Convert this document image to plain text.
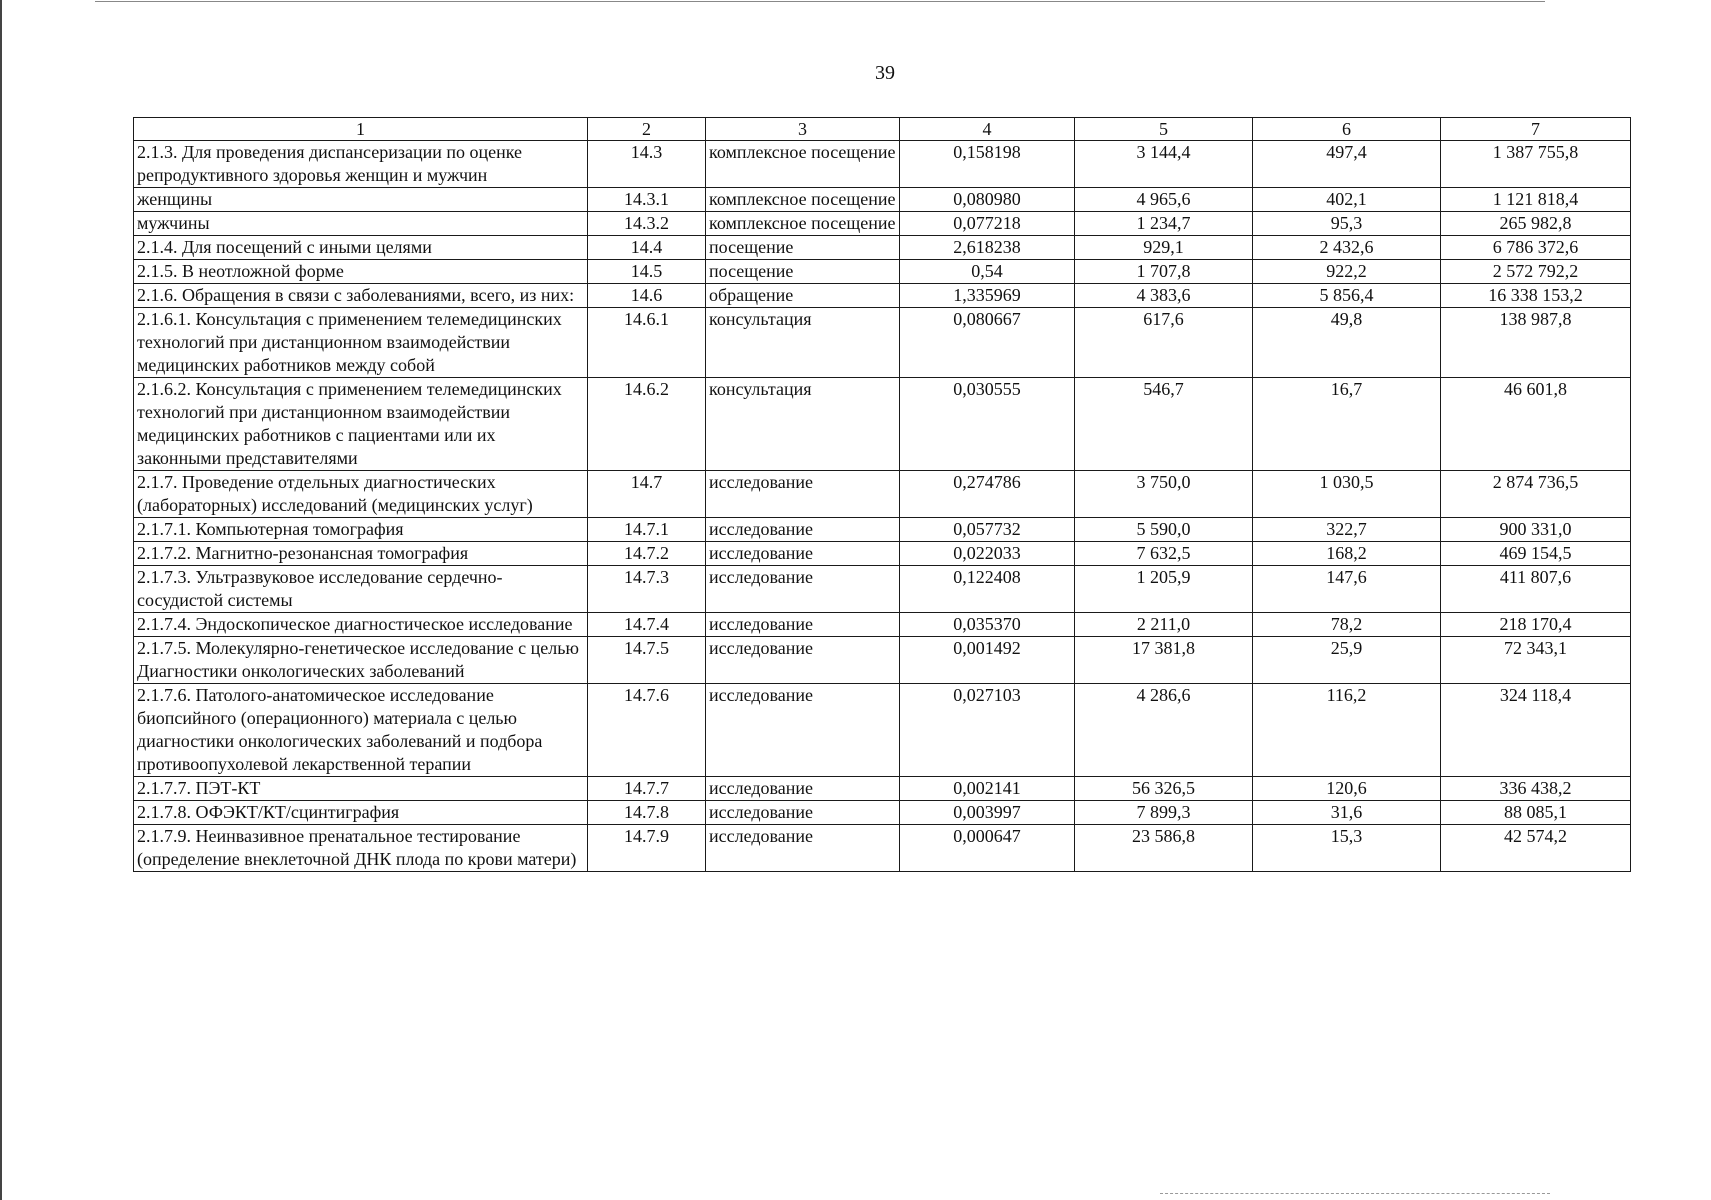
39
1	2	3	4	5	6	7
2.1.3. Для проведения диспансеризации по оценке репродуктивного здоровья женщин и мужчин	14.3	комплексное посещение	0,158198	3 144,4	497,4	1 387 755,8
женщины	14.3.1	комплексное посещение	0,080980	4 965,6	402,1	1 121 818,4
мужчины	14.3.2	комплексное посещение	0,077218	1 234,7	95,3	265 982,8
2.1.4. Для посещений с иными целями	14.4	посещение	2,618238	929,1	2 432,6	6 786 372,6
2.1.5. В неотложной форме	14.5	посещение	0,54	1 707,8	922,2	2 572 792,2
2.1.6. Обращения в связи с заболеваниями, всего, из них:	14.6	обращение	1,335969	4 383,6	5 856,4	16 338 153,2
2.1.6.1. Консультация с применением телемедицинских технологий при дистанционном взаимодействии медицинских работников между собой	14.6.1	консультация	0,080667	617,6	49,8	138 987,8
2.1.6.2. Консультация с применением телемедицинских технологий при дистанционном взаимодействии медицинских работников с пациентами или их законными представителями	14.6.2	консультация	0,030555	546,7	16,7	46 601,8
2.1.7. Проведение отдельных диагностических (лабораторных) исследований (медицинских услуг)	14.7	исследование	0,274786	3 750,0	1 030,5	2 874 736,5
2.1.7.1. Компьютерная томография	14.7.1	исследование	0,057732	5 590,0	322,7	900 331,0
2.1.7.2. Магнитно-резонансная томография	14.7.2	исследование	0,022033	7 632,5	168,2	469 154,5
2.1.7.3. Ультразвуковое исследование сердечно-сосудистой системы	14.7.3	исследование	0,122408	1 205,9	147,6	411 807,6
2.1.7.4. Эндоскопическое диагностическое исследование	14.7.4	исследование	0,035370	2 211,0	78,2	218 170,4
2.1.7.5. Молекулярно-генетическое исследование с целью Диагностики онкологических заболеваний	14.7.5	исследование	0,001492	17 381,8	25,9	72 343,1
2.1.7.6. Патолого-анатомическое исследование биопсийного (операционного) материала с целью диагностики онкологических заболеваний и подбора противоопухолевой лекарственной терапии	14.7.6	исследование	0,027103	4 286,6	116,2	324 118,4
2.1.7.7. ПЭТ-КТ	14.7.7	исследование	0,002141	56 326,5	120,6	336 438,2
2.1.7.8. ОФЭКТ/КТ/сцинтиграфия	14.7.8	исследование	0,003997	7 899,3	31,6	88 085,1
2.1.7.9. Неинвазивное пренатальное тестирование (определение внеклеточной ДНК плода по крови матери)	14.7.9	исследование	0,000647	23 586,8	15,3	42 574,2
